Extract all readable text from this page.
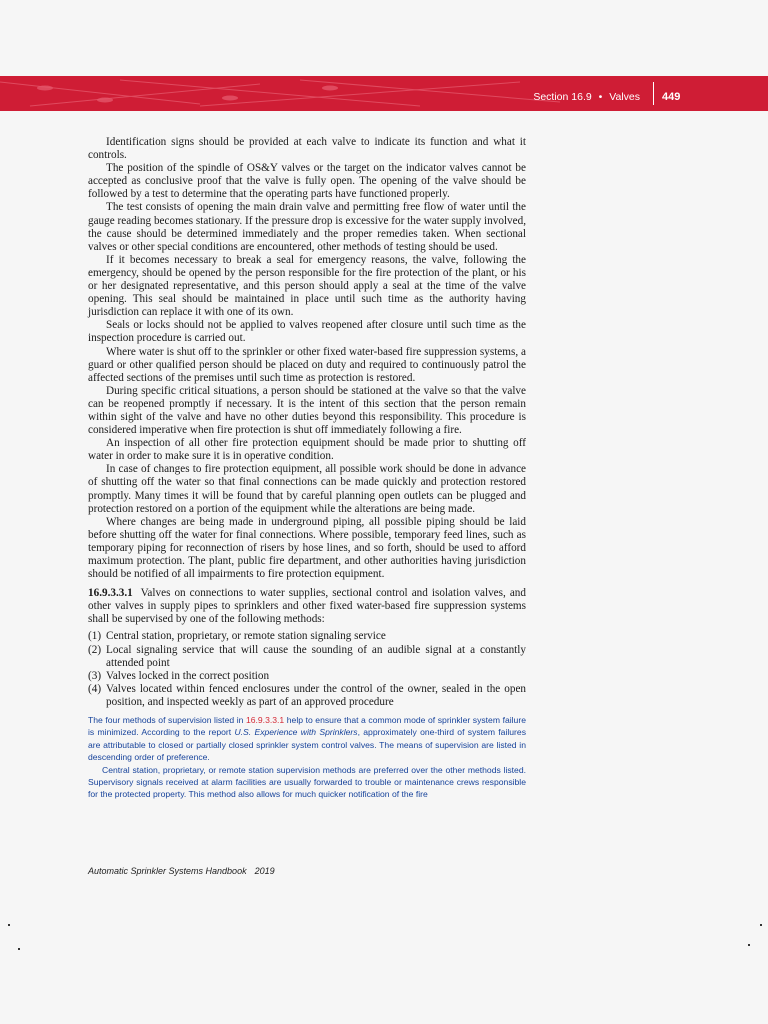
Section 16.9 • Valves 449

Identification signs should be provided at each valve to indicate its function and what it controls.

The position of the spindle of OS&Y valves or the target on the indicator valves cannot be accepted as conclusive proof that the valve is fully open. The opening of the valve should be followed by a test to determine that the operating parts have functioned properly.

The test consists of opening the main drain valve and permitting free flow of water until the gauge reading becomes stationary. If the pressure drop is excessive for the water supply involved, the cause should be determined immediately and the proper remedies taken. When sectional valves or other special conditions are encountered, other methods of testing should be used.

If it becomes necessary to break a seal for emergency reasons, the valve, following the emergency, should be opened by the person responsible for the fire protection of the plant, or his or her designated representative, and this person should apply a seal at the time of the valve opening. This seal should be maintained in place until such time as the authority having jurisdiction can replace it with one of its own.

Seals or locks should not be applied to valves reopened after closure until such time as the inspection procedure is carried out.

Where water is shut off to the sprinkler or other fixed water-based fire suppression systems, a guard or other qualified person should be placed on duty and required to continuously patrol the affected sections of the premises until such time as protection is restored.

During specific critical situations, a person should be stationed at the valve so that the valve can be reopened promptly if necessary. It is the intent of this section that the person remain within sight of the valve and have no other duties beyond this responsibility. This procedure is considered imperative when fire protection is shut off immediately following a fire.

An inspection of all other fire protection equipment should be made prior to shutting off water in order to make sure it is in operative condition.

In case of changes to fire protection equipment, all possible work should be done in advance of shutting off the water so that final connections can be made quickly and protection restored promptly. Many times it will be found that by careful planning open outlets can be plugged and protection restored on a portion of the equipment while the alterations are being made.

Where changes are being made in underground piping, all possible piping should be laid before shutting off the water for final connections. Where possible, temporary feed lines, such as temporary piping for reconnection of risers by hose lines, and so forth, should be used to afford maximum protection. The plant, public fire department, and other authorities having jurisdiction should be notified of all impairments to fire protection equipment.

16.9.3.3.1 Valves on connections to water supplies, sectional control and isolation valves, and other valves in supply pipes to sprinklers and other fixed water-based fire suppression systems shall be supervised by one of the following methods:

(1) Central station, proprietary, or remote station signaling service
(2) Local signaling service that will cause the sounding of an audible signal at a constantly attended point
(3) Valves locked in the correct position
(4) Valves located within fenced enclosures under the control of the owner, sealed in the open position, and inspected weekly as part of an approved procedure

The four methods of supervision listed in 16.9.3.3.1 help to ensure that a common mode of sprinkler system failure is minimized. According to the report U.S. Experience with Sprinklers, approximately one-third of system failures are attributable to closed or partially closed sprinkler system control valves. The means of supervision are listed in descending order of preference.

Central station, proprietary, or remote station supervision methods are preferred over the other methods listed. Supervisory signals received at alarm facilities are usually forwarded to trouble or maintenance crews responsible for the protected property. This method also allows for much quicker notification of the fire

Automatic Sprinkler Systems Handbook 2019
